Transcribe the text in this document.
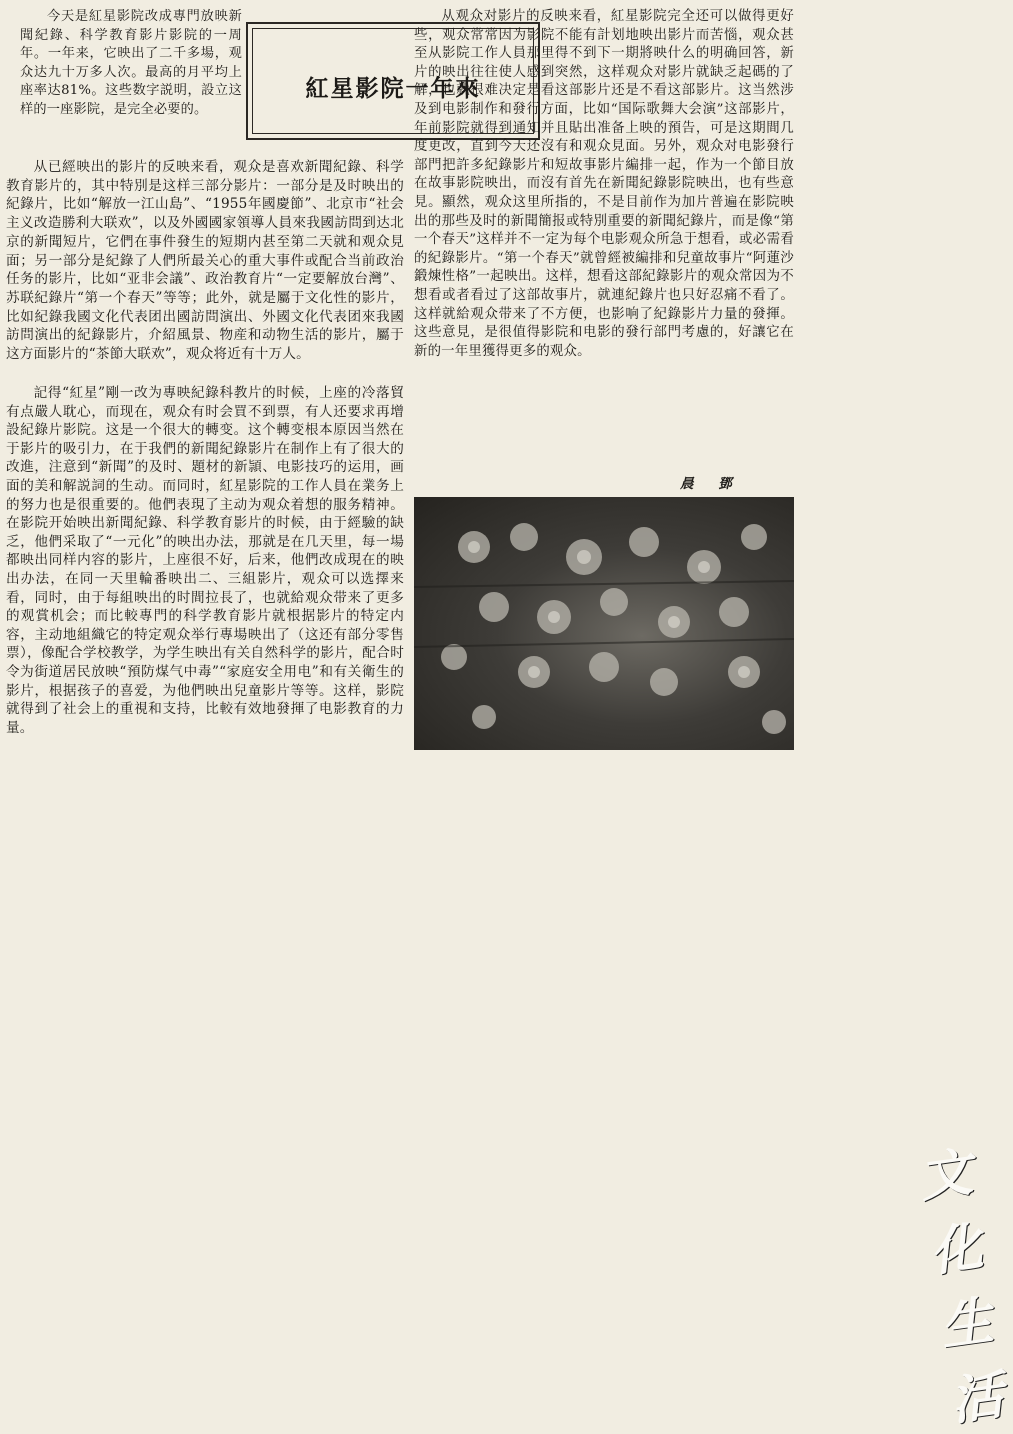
今天是紅星影院改成專門放映新聞紀錄、科学教育影片影院的一周年。一年来，它映出了二千多場，观众达九十万多人次。最高的月平均上座率达81%。这些数字説明，設立这样的一座影院，是完全必要的。

紅星影院一年來

从已經映出的影片的反映来看，观众是喜欢新聞紀錄、科学教育影片的，其中特別是这样三部分影片：一部分是及时映出的紀錄片，比如“解放一江山島”、“1955年國慶節”、北京市“社会主义改造勝利大联欢”，以及外國國家領導人員來我國訪問到达北京的新聞短片，它們在事件發生的短期内甚至第二天就和观众見面；另一部分是紀錄了人們所最关心的重大事件或配合当前政治任务的影片，比如“亚非会議”、政治教育片“一定要解放台灣”、苏联紀錄片“第一个春天”等等；此外，就是屬于文化性的影片，比如紀錄我國文化代表团出國訪問演出、外國文化代表团來我國訪問演出的紀錄影片，介紹風景、物産和动物生活的影片，屬于这方面影片的“茶節大联欢”，观众将近有十万人。

記得“紅星”剛一改为專映紀錄科教片的时候，上座的冷落貿有点嚴人耽心，而现在，观众有时会買不到票，有人还要求再增設紀錄片影院。这是一个很大的轉变。这个轉变根本原因当然在于影片的吸引力，在于我們的新聞紀錄影片在制作上有了很大的改進，注意到“新聞”的及时、題材的新頴、电影技巧的运用，画面的美和解説詞的生动。而同时，紅星影院的工作人員在業务上的努力也是很重要的。他們表現了主动为观众着想的服务精神。在影院开始映出新聞紀錄、科学教育影片的时候，由于經驗的缺乏，他們采取了“一元化”的映出办法，那就是在几天里，每一場都映出同样内容的影片，上座很不好，后来，他們改成現在的映出办法，在同一天里輪番映出二、三組影片，观众可以选擇来看，同时，由于每組映出的时間拉長了，也就給观众带来了更多的观賞机会；而比較專門的科学教育影片就根据影片的特定内容，主动地組織它的特定观众举行專場映出了（这还有部分零售票），像配合学校教学，为学生映出有关自然科学的影片，配合时令为街道居民放映“預防煤气中毒”“家庭安全用电”和有关衛生的影片，根据孩子的喜爱，为他們映出兒童影片等等。这样，影院就得到了社会上的重視和支持，比較有效地發揮了电影教育的力量。

从观众对影片的反映来看，紅星影院完全还可以做得更好些，观众常常因为影院不能有計划地映出影片而苦惱，观众甚至从影院工作人員那里得不到下一期將映什么的明确回答，新片的映出往往使人感到突然，这样观众对影片就缺乏起碼的了解，也就很难决定是看这部影片还是不看这部影片。这当然涉及到电影制作和發行方面，比如“国际歌舞大会演”这部影片，年前影院就得到通知并且貼出准备上映的預告，可是这期間几度更改，直到今天还沒有和观众見面。另外，观众对电影發行部門把許多紀錄影片和短故事影片編排一起，作为一个節目放在故事影院映出，而沒有首先在新聞紀錄影院映出，也有些意見。顯然，观众这里所指的，不是目前作为加片普遍在影院映出的那些及时的新聞簡报或特別重要的新聞紀錄片，而是像“第一个春天”这样并不一定为每个电影观众所急于想看，或必需看的紀錄影片。“第一个春天”就曾經被編排和兒童故事片“阿蓮沙鍛煉性格”一起映出。这样，想看这部紀錄影片的观众常因为不想看或者看过了这部故事片，就連紀錄片也只好忍痛不看了。这样就給观众带来了不方便，也影响了紀錄影片力量的發揮。这些意見，是很值得影院和电影的發行部門考慮的，好讓它在新的一年里獲得更多的观众。

晨 鄧
文化生活
